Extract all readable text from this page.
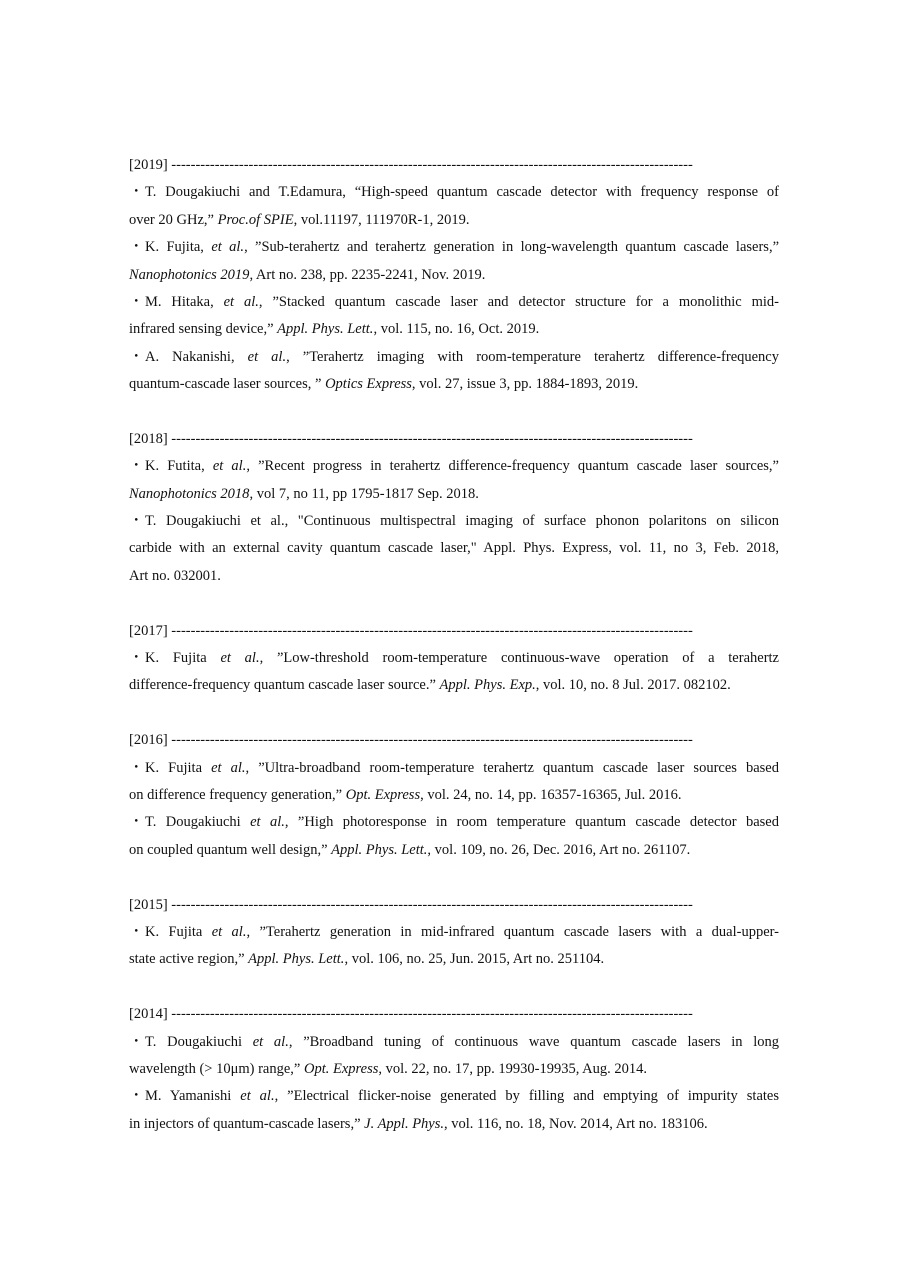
[2019] ------------------------------------------------------------------------------------------------------------
・ T. Dougakiuchi and T.Edamura, “High-speed quantum cascade detector with frequency response of
over 20 GHz,” Proc.of SPIE, vol.11197, 111970R-1, 2019.
・ K. Fujita, et al., ”Sub-terahertz and terahertz generation in long-wavelength quantum cascade lasers,”
Nanophotonics 2019, Art no. 238, pp. 2235-2241, Nov. 2019.
・ M. Hitaka, et al., ”Stacked quantum cascade laser and detector structure for a monolithic mid-
infrared sensing device,” Appl. Phys. Lett., vol. 115, no. 16, Oct. 2019.
・ A. Nakanishi, et al., ”Terahertz imaging with room-temperature terahertz difference-frequency
quantum-cascade laser sources, ” Optics Express, vol. 27, issue 3, pp. 1884-1893, 2019.
[2018] ------------------------------------------------------------------------------------------------------------
・ K. Futita, et al., ”Recent progress in terahertz difference-frequency quantum cascade laser sources,”
Nanophotonics 2018, vol 7, no 11, pp 1795-1817 Sep. 2018.
・ T. Dougakiuchi et al., "Continuous multispectral imaging of surface phonon polaritons on silicon
carbide with an external cavity quantum cascade laser," Appl. Phys. Express, vol. 11, no 3, Feb. 2018,
Art no. 032001.
[2017] ------------------------------------------------------------------------------------------------------------
・ K. Fujita et al., ”Low-threshold room-temperature continuous-wave operation of a terahertz
difference-frequency quantum cascade laser source.” Appl. Phys. Exp., vol. 10, no. 8 Jul. 2017. 082102.
[2016] ------------------------------------------------------------------------------------------------------------
・ K. Fujita et al., ”Ultra-broadband room-temperature terahertz quantum cascade laser sources based
on difference frequency generation,” Opt. Express, vol. 24, no. 14, pp. 16357-16365, Jul. 2016.
・ T. Dougakiuchi et al., ”High photoresponse in room temperature quantum cascade detector based
on coupled quantum well design,” Appl. Phys. Lett., vol. 109, no. 26, Dec. 2016, Art no. 261107.
[2015] ------------------------------------------------------------------------------------------------------------
・ K. Fujita et al., ”Terahertz generation in mid-infrared quantum cascade lasers with a dual-upper-
state active region,” Appl. Phys. Lett., vol. 106, no. 25, Jun. 2015, Art no. 251104.
[2014] ------------------------------------------------------------------------------------------------------------
・ T. Dougakiuchi et al., ”Broadband tuning of continuous wave quantum cascade lasers in long
wavelength (> 10μm) range,” Opt. Express, vol. 22, no. 17, pp. 19930-19935, Aug. 2014.
・ M. Yamanishi et al., ”Electrical flicker-noise generated by filling and emptying of impurity states
in injectors of quantum-cascade lasers,” J. Appl. Phys., vol. 116, no. 18, Nov. 2014, Art no. 183106.
